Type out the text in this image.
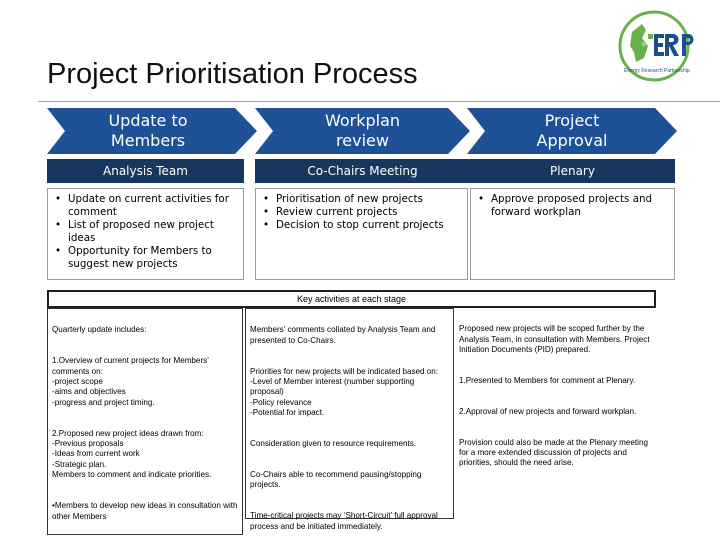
Project Prioritisation Process	Energy Research Partnership
Update to Members
Workplan review
Project Approval
Analysis Team	Co-Chairs Meeting	Plenary
• Update on current activities for comment
• List of proposed new project ideas
• Opportunity for Members to suggest new projects
• Prioritisation of new projects
• Review current projects
• Decision to stop current projects
• Approve proposed projects and forward workplan
Key activities at each stage

Quarterly update includes:

1.Overview of current projects for Members’ comments on:
-project scope
-aims and objectives
-progress and project timing.

2.Proposed new project ideas drawn from:
-Previous proposals
-Ideas from current work
-Strategic plan.
Members to comment and indicate priorities.

•Members to develop new ideas in consultation with other Members

Members’ comments collated by Analysis Team and presented to Co-Chairs.

Priorities for new projects will be indicated based on:
-Level of Member interest (number supporting proposal)
-Policy relevance
-Potential for impact.

Consideration given to resource requirements.

Co-Chairs able to recommend pausing/stopping projects.

Time-critical projects may ‘Short-Circuit’ full approval process and be initiated immediately.

Proposed new projects will be scoped further by the Analysis Team, in consultation with Members. Project Initiation Documents (PID) prepared.

1.Presented to Members for comment at Plenary.

2.Approval of new projects and forward workplan.

Provision could also be made at the Plenary meeting for a more extended discussion of projects and priorities, should the need arise.
